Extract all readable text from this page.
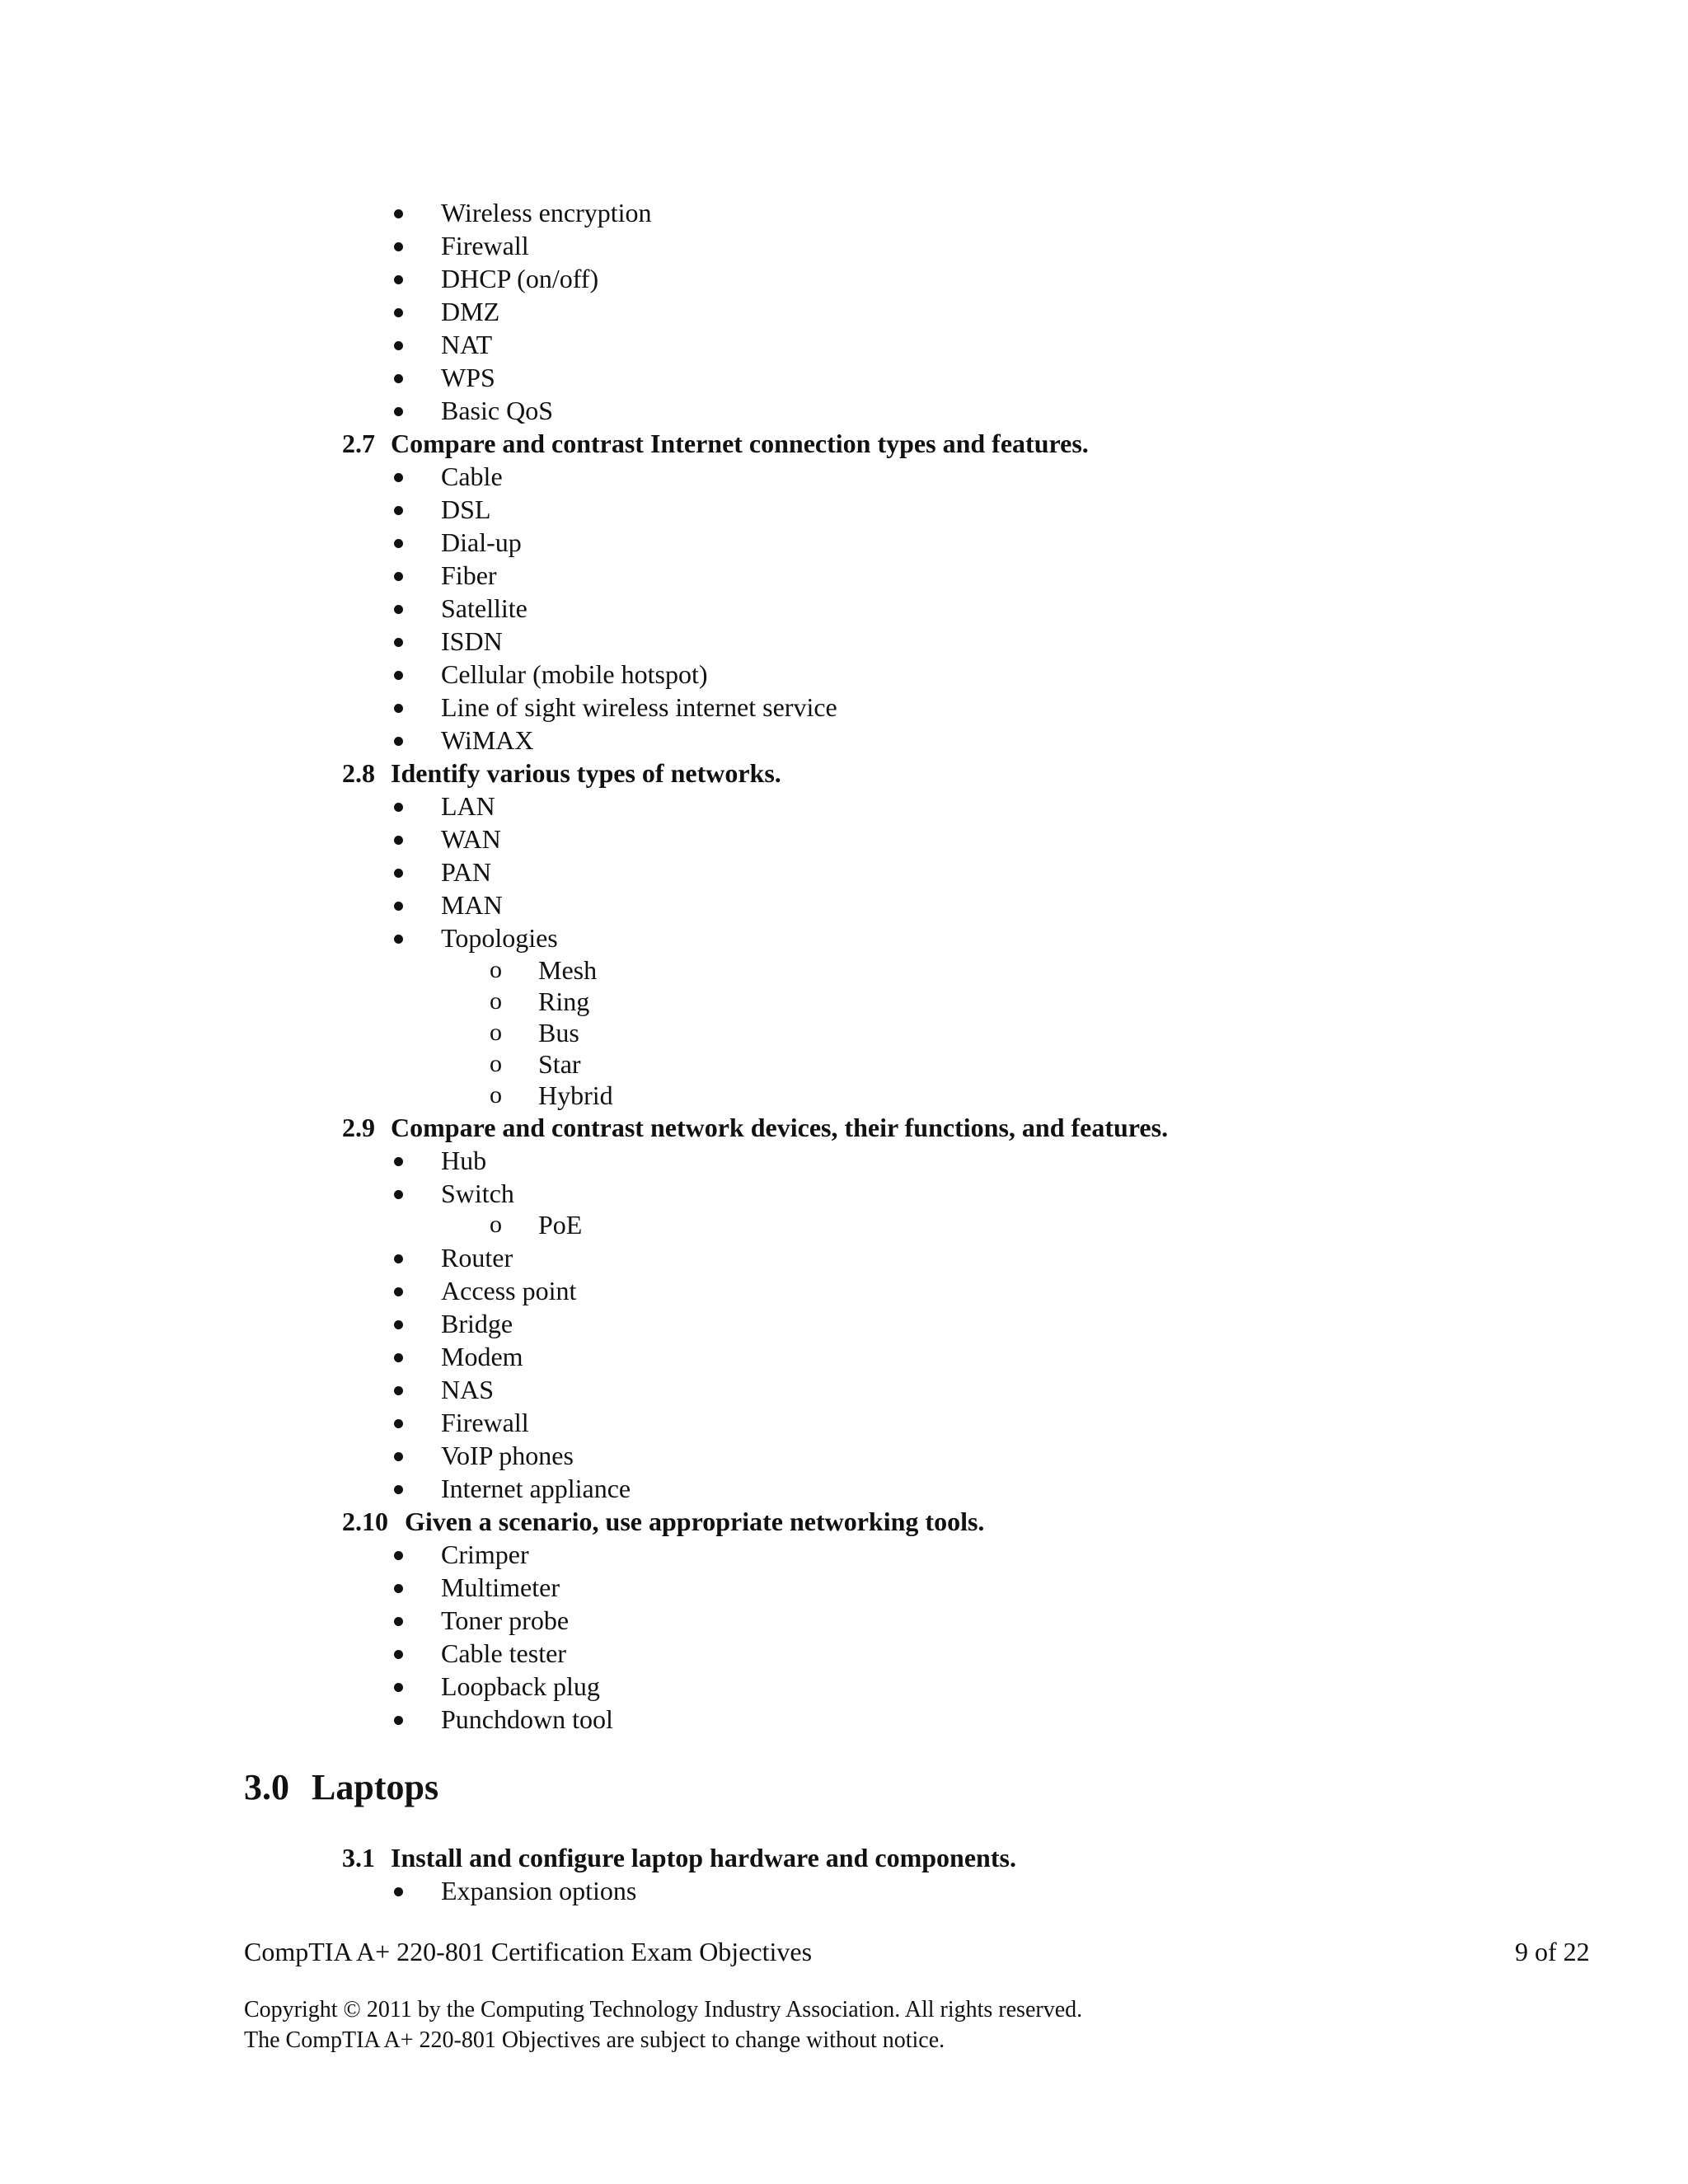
Wireless encryption
Firewall
DHCP (on/off)
DMZ
NAT
WPS
Basic QoS
2.7 Compare and contrast Internet connection types and features.
Cable
DSL
Dial-up
Fiber
Satellite
ISDN
Cellular (mobile hotspot)
Line of sight wireless internet service
WiMAX
2.8 Identify various types of networks.
LAN
WAN
PAN
MAN
Topologies
o Mesh
o Ring
o Bus
o Star
o Hybrid
2.9 Compare and contrast network devices, their functions, and features.
Hub
Switch
o PoE
Router
Access point
Bridge
Modem
NAS
Firewall
VoIP phones
Internet appliance
2.10 Given a scenario, use appropriate networking tools.
Crimper
Multimeter
Toner probe
Cable tester
Loopback plug
Punchdown tool
3.0 Laptops
3.1 Install and configure laptop hardware and components.
Expansion options
CompTIA A+ 220-801 Certification Exam Objectives	9 of 22
Copyright © 2011 by the Computing Technology Industry Association. All rights reserved.
The CompTIA A+ 220-801 Objectives are subject to change without notice.
